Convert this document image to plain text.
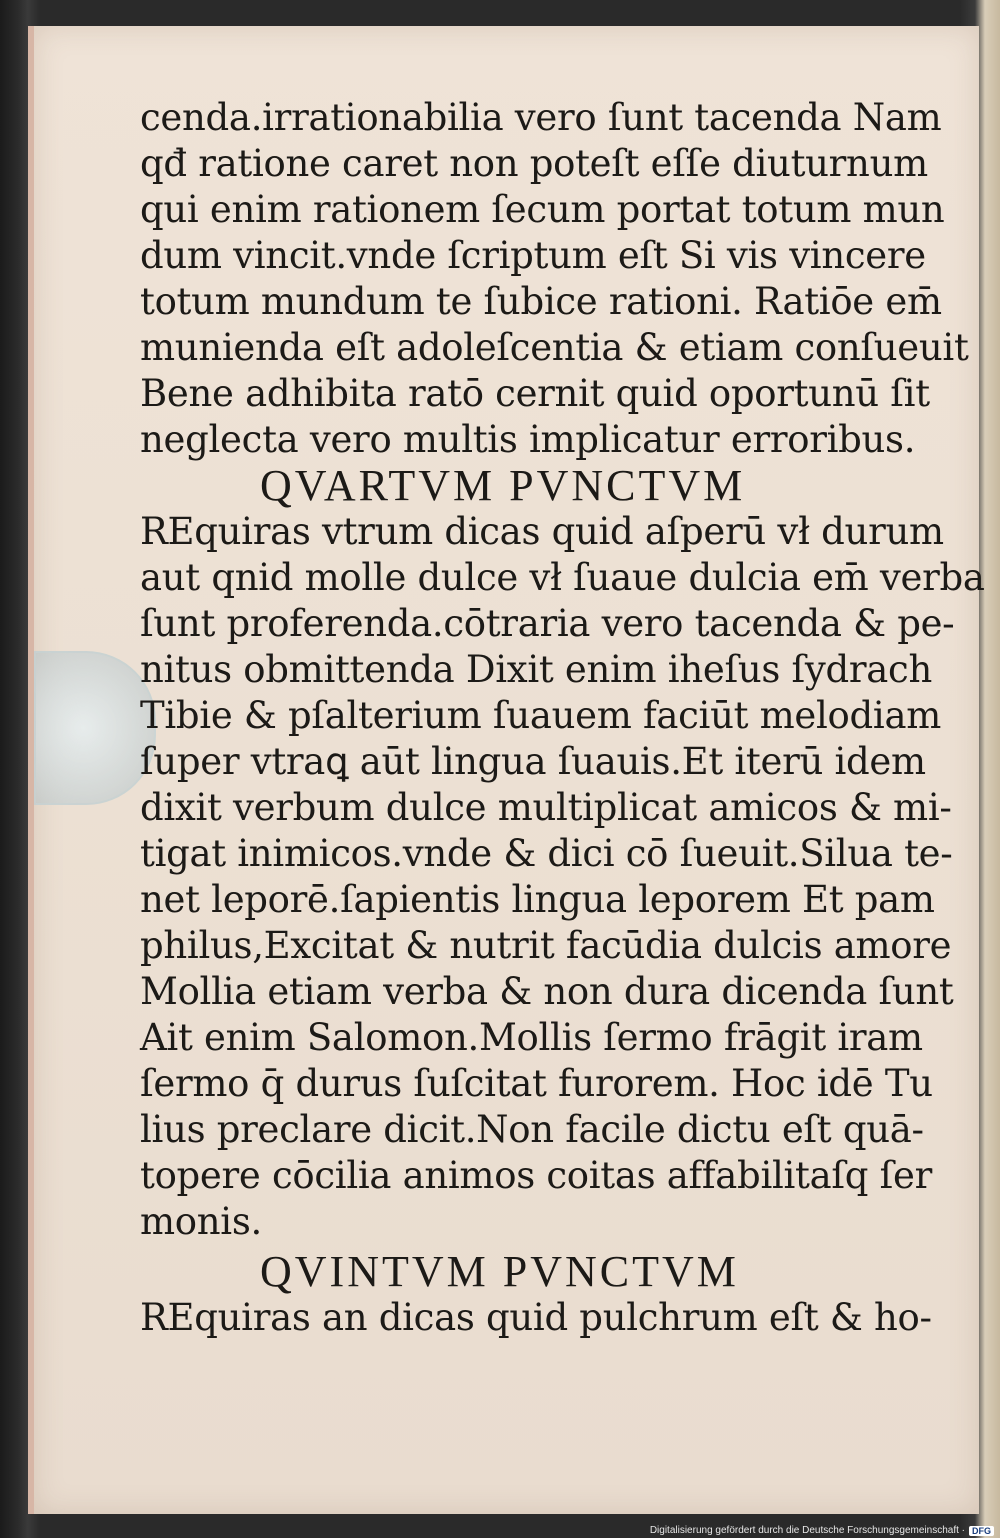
cenda.irrationabilia vero ſunt tacenda Nam
qđ ratione caret non poteſt eſſe diuturnum
qui enim rationem ſecum portat totum mun
dum vincit.vnde ſcriptum eſt Si vis vincere
totum mundum te ſubice rationi. Ratiōe em̄
munienda eſt adoleſcentia & etiam conſueuit
Bene adhibita ratō cernit quid oportunū ſit
neglecta vero multis implicatur erroribus.
QVARTVM PVNCTVM
REquiras vtrum dicas quid aſperū vł durum
aut qnid molle dulce vł ſuaue dulcia em̄ verba
ſunt proferenda.cōtraria vero tacenda & pe-
nitus obmittenda Dixit enim iheſus ſydrach
Tibie & pſalterium ſuauem faciūt melodiam
ſuper vtraꝗ aūt lingua ſuauis.Et iterū idem
dixit verbum dulce multiplicat amicos & mi-
tigat inimicos.vnde & dici cō ſueuit.Silua te-
net leporē.ſapientis lingua leporem Et pam
philus,Excitat & nutrit facūdia dulcis amore
Mollia etiam verba & non dura dicenda ſunt
Ait enim Salomon.Mollis ſermo frāgit iram
ſermo q̄ durus ſuſcitat furorem. Hoc idē Tu
lius preclare dicit.Non facile dictu eſt quā-
topere cōcilia animos coitas affabilitaſq ſer
monis.
QVINTVM PVNCTVM
REquiras an dicas quid pulchrum eſt & ho-
Digitalisierung gefördert durch die Deutsche Forschungsgemeinschaft · DFG
